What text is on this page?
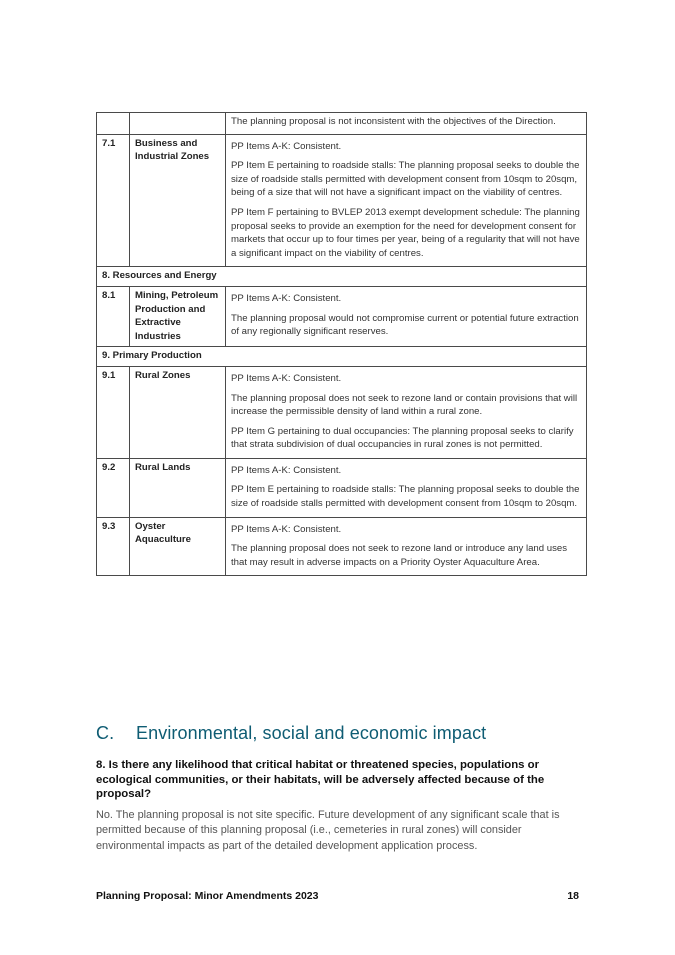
		The planning proposal is not inconsistent with the objectives of the Direction.

7.1	Business and Industrial Zones	PP Items A-K: Consistent.

PP Item E pertaining to roadside stalls: The planning proposal seeks to double the size of roadside stalls permitted with development consent from 10sqm to 20sqm, being of a size that will not have a significant impact on the viability of centres.

PP Item F pertaining to BVLEP 2013 exempt development schedule: The planning proposal seeks to provide an exemption for the need for development consent for markets that occur up to four times per year, being of a regularity that will not have a significant impact on the viability of centres.

8. Resources and Energy		
8.1	Mining, Petroleum Production and Extractive Industries	PP Items A-K: Consistent.

The planning proposal would not compromise current or potential future extraction of any regionally significant reserves.

9. Primary Production		
9.1	Rural Zones	PP Items A-K: Consistent.

The planning proposal does not seek to rezone land or contain provisions that will increase the permissible density of land within a rural zone.

PP Item G pertaining to dual occupancies: The planning proposal seeks to clarify that strata subdivision of dual occupancies in rural zones is not permitted.

9.2	Rural Lands	PP Items A-K: Consistent.

PP Item E pertaining to roadside stalls: The planning proposal seeks to double the size of roadside stalls permitted with development consent from 10sqm to 20sqm.

9.3	Oyster Aquaculture	PP Items A-K: Consistent.

The planning proposal does not seek to rezone land or introduce any land uses that may result in adverse impacts on a Priority Oyster Aquaculture Area.

C. Environmental, social and economic impact

8. Is there any likelihood that critical habitat or threatened species, populations or ecological communities, or their habitats, will be adversely affected because of the proposal?

No. The planning proposal is not site specific. Future development of any significant scale that is permitted because of this planning proposal (i.e., cemeteries in rural zones) will consider environmental impacts as part of the detailed development application process.

Planning Proposal: Minor Amendments 2023	18
